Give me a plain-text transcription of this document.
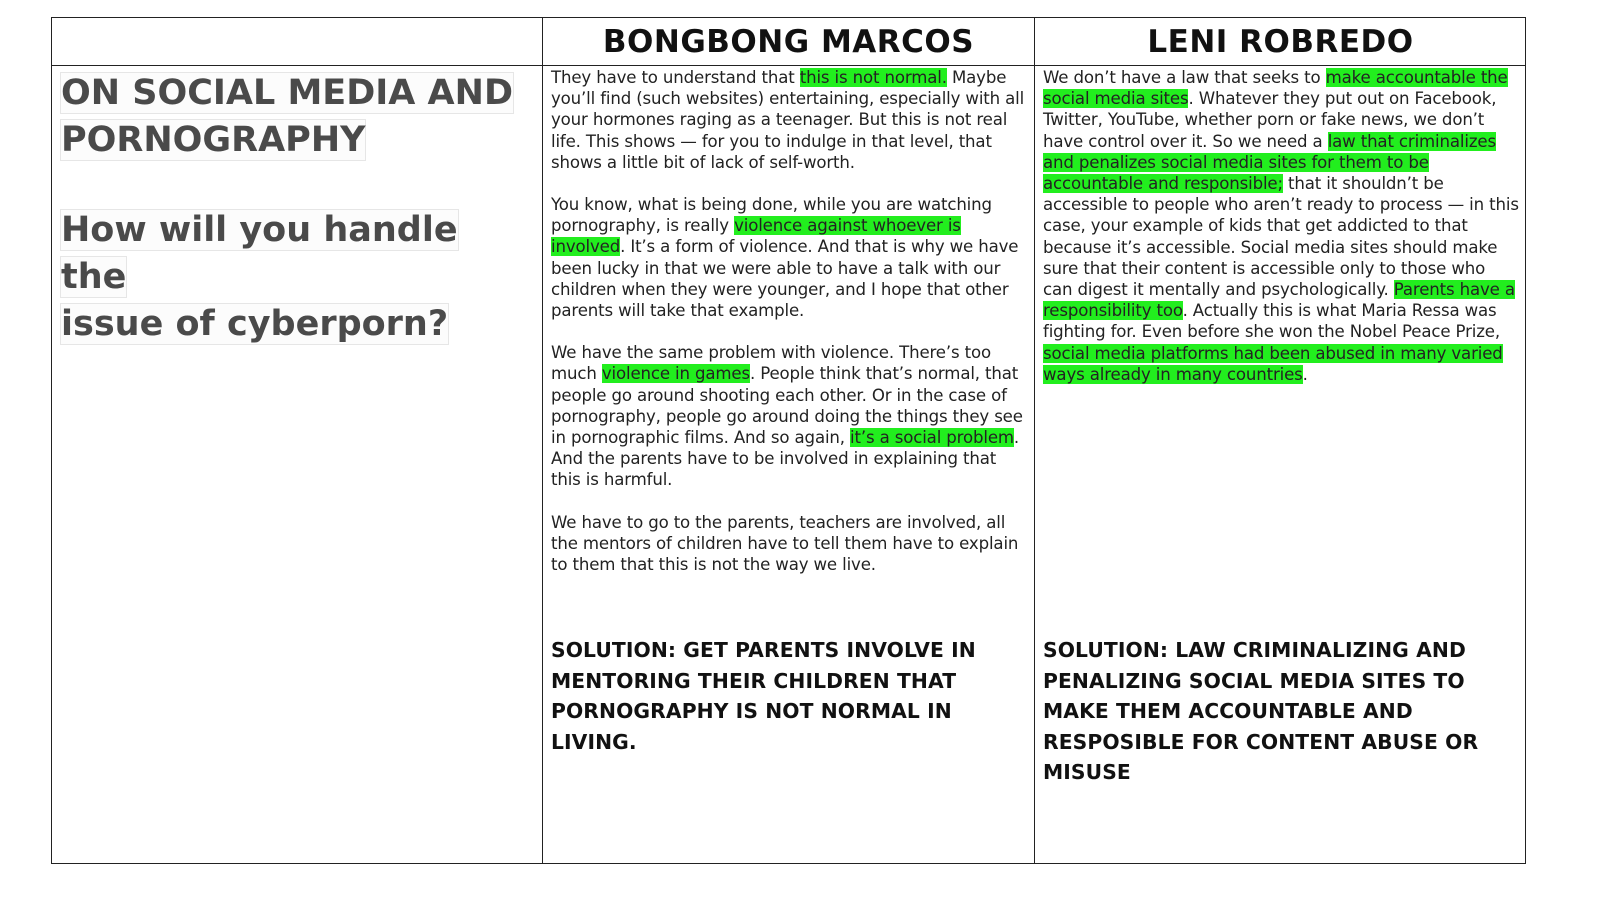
BONGBONG MARCOS	LENI ROBREDO
ON SOCIAL MEDIA AND
PORNOGRAPHY
How will you handle the
issue of cyberporn?

They have to understand that this is not normal. Maybe you’ll find (such websites) entertaining, especially with all your hormones raging as a teenager. But this is not real life. This shows — for you to indulge in that level, that shows a little bit of lack of self-worth.

You know, what is being done, while you are watching pornography, is really violence against whoever is involved. It’s a form of violence. And that is why we have been lucky in that we were able to have a talk with our children when they were younger, and I hope that other parents will take that example.

We have the same problem with violence. There’s too much violence in games. People think that’s normal, that people go around shooting each other. Or in the case of pornography, people go around doing the things they see in pornographic films. And so again, it’s a social problem. And the parents have to be involved in explaining that this is harmful.

We have to go to the parents, teachers are involved, all the mentors of children have to tell them have to explain to them that this is not the way we live.

We don’t have a law that seeks to make accountable the social media sites. Whatever they put out on Facebook, Twitter, YouTube, whether porn or fake news, we don’t have control over it. So we need a law that criminalizes and penalizes social media sites for them to be accountable and responsible; that it shouldn’t be accessible to people who aren’t ready to process — in this case, your example of kids that get addicted to that because it’s accessible. Social media sites should make sure that their content is accessible only to those who can digest it mentally and psychologically. Parents have a responsibility too. Actually this is what Maria Ressa was fighting for. Even before she won the Nobel Peace Prize, social media platforms had been abused in many varied ways already in many countries.

SOLUTION: GET PARENTS INVOLVE IN MENTORING THEIR CHILDREN THAT PORNOGRAPHY IS NOT NORMAL IN LIVING.
SOLUTION: LAW CRIMINALIZING AND PENALIZING SOCIAL MEDIA SITES TO MAKE THEM ACCOUNTABLE AND RESPOSIBLE FOR CONTENT ABUSE OR MISUSE
